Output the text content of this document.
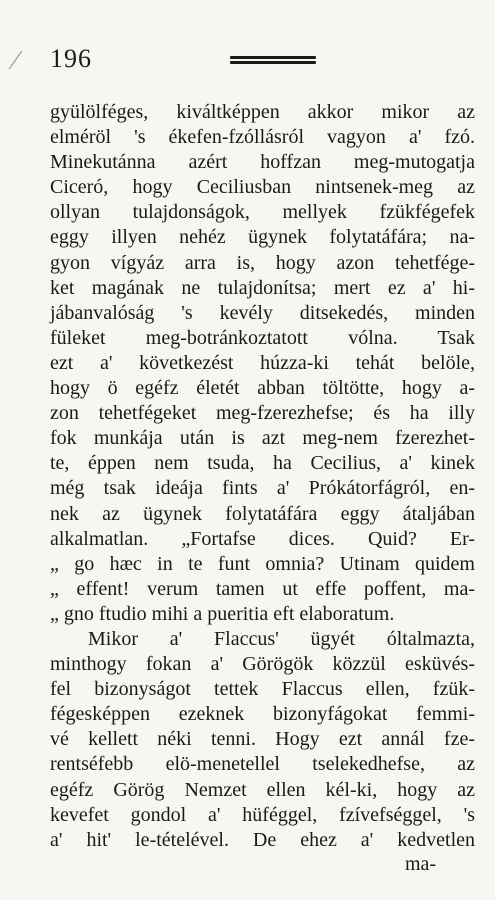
196
gyülölféges, kiváltképpen akkor mikor az
elméröl 's ékefen-fzóllásról vagyon a' fzó.
Minekutánna azért hoffzan meg-mutogatja
Ciceró, hogy Ceciliusban nintsenek-meg az
ollyan tulajdonságok, mellyek fzükfégefek
eggy illyen nehéz ügynek folytatáfára; na-
gyon vígyáz arra is, hogy azon tehetfége-
ket magának ne tulajdonítsa; mert ez a' hi-
jábanvalóság 's kevély ditsekedés, minden
füleket meg-botránkoztatott vólna. Tsak
ezt a' következést húzza-ki tehát belöle,
hogy ö egéfz életét abban töltötte, hogy a-
zon tehetfégeket meg-fzerezhefse; és ha illy
fok munkája után is azt meg-nem fzerezhet-
te, éppen nem tsuda, ha Cecilius, a' kinek
még tsak ideája fints a' Prókátorfágról, en-
nek az ügynek folytatáfára eggy átaljában
alkalmatlan. „Fortafse dices. Quid? Er-
„ go hæc in te funt omnia? Utinam quidem
„ effent! verum tamen ut effe poffent, ma-
„ gno ftudio mihi a pueritia eft elaboratum.
Mikor a' Flaccus' ügyét óltalmazta,
minthogy fokan a' Görögök közzül esküvés-
fel bizonyságot tettek Flaccus ellen, fzük-
fégesképpen ezeknek bizonyfágokat femmi-
vé kellett néki tenni. Hogy ezt annál fze-
rentséfebb elö-menetellel tselekedhefse, az
egéfz Görög Nemzet ellen kél-ki, hogy az
kevefet gondol a' hüféggel, fzívefséggel, 's
a' hit' le-tételével. De ehez a' kedvetlen
ma-
